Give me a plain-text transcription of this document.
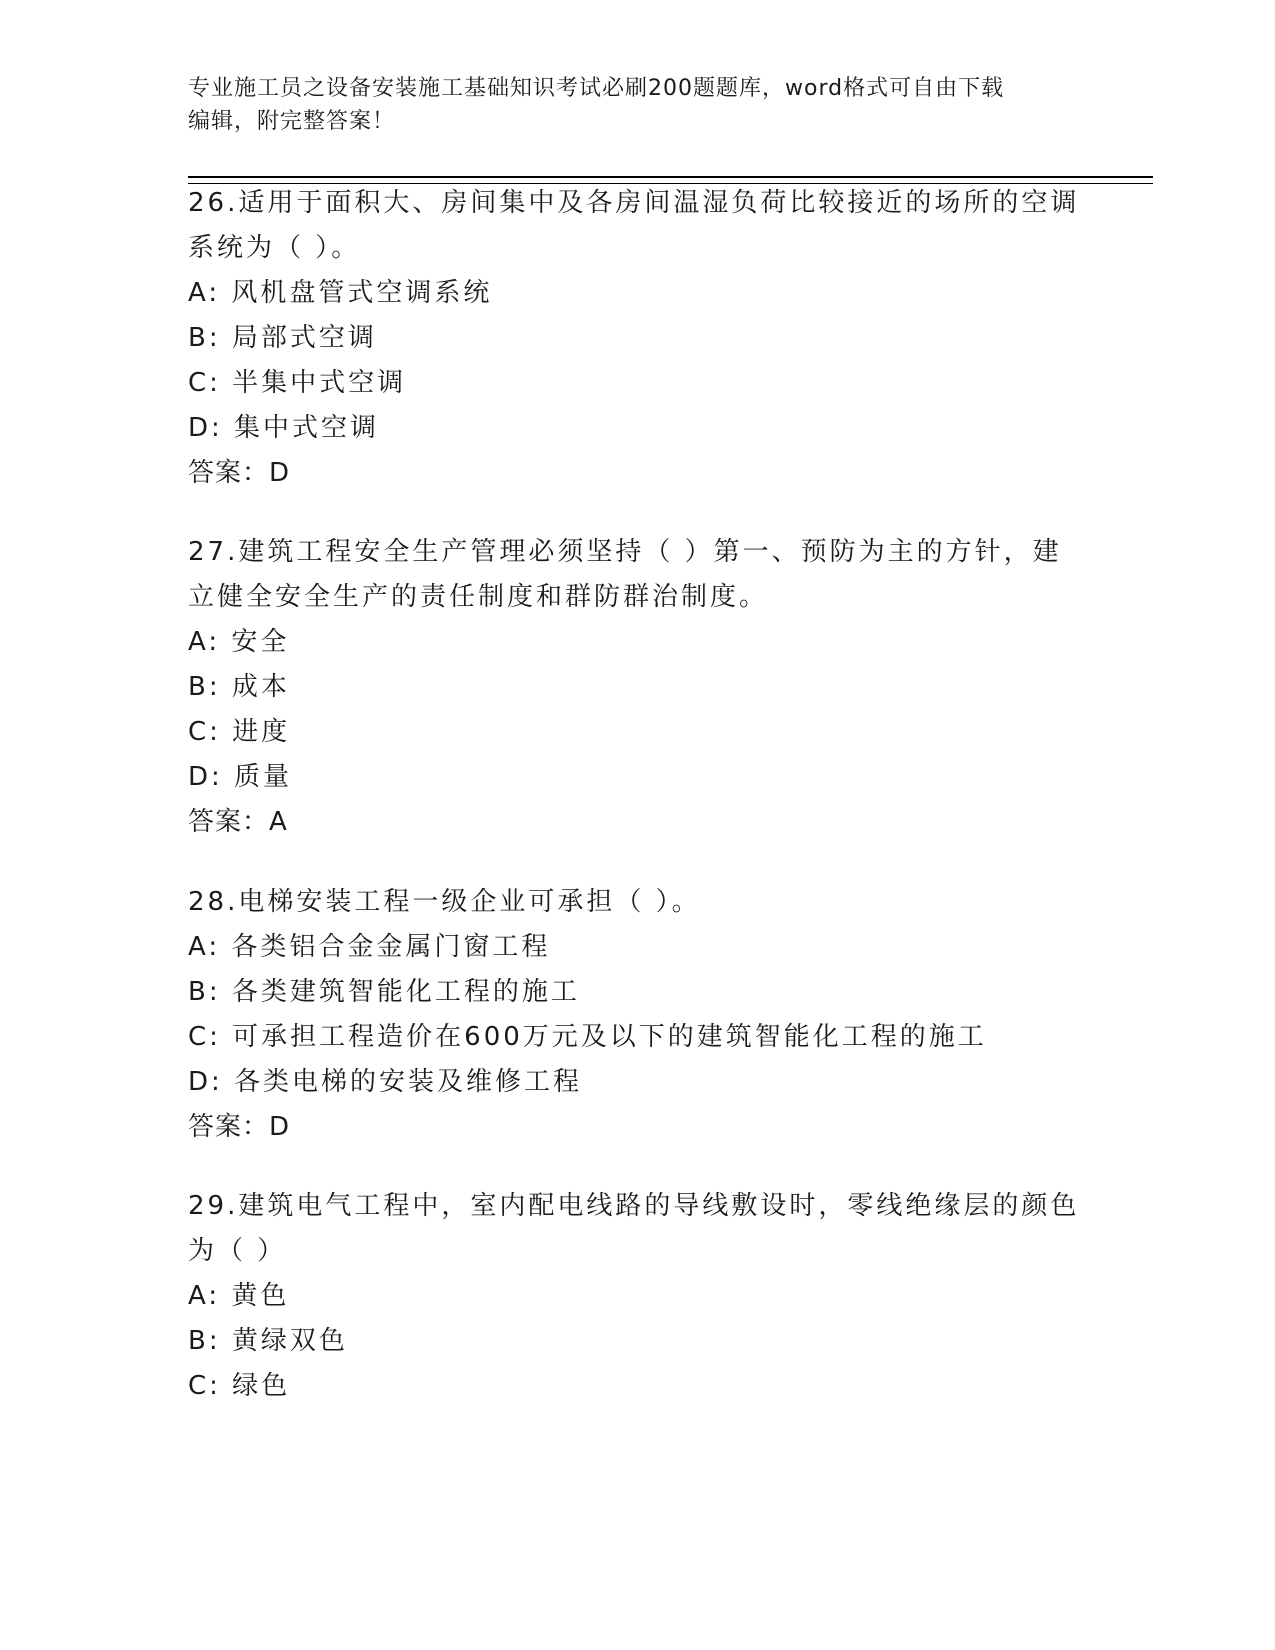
专业施工员之设备安装施工基础知识考试必刷200题题库，word格式可自由下载
编辑，附完整答案！
26.适用于面积大、房间集中及各房间温湿负荷比较接近的场所的空调
系统为（ ）。
A: 风机盘管式空调系统
B: 局部式空调
C: 半集中式空调
D: 集中式空调
答案：D
27.建筑工程安全生产管理必须坚持（ ）第一、预防为主的方针，建
立健全安全生产的责任制度和群防群治制度。
A: 安全
B: 成本
C: 进度
D: 质量
答案：A
28.电梯安装工程一级企业可承担（ ）。
A: 各类铝合金金属门窗工程
B: 各类建筑智能化工程的施工
C: 可承担工程造价在600万元及以下的建筑智能化工程的施工
D: 各类电梯的安装及维修工程
答案：D
29.建筑电气工程中，室内配电线路的导线敷设时，零线绝缘层的颜色
为（ ）
A: 黄色
B: 黄绿双色
C: 绿色
